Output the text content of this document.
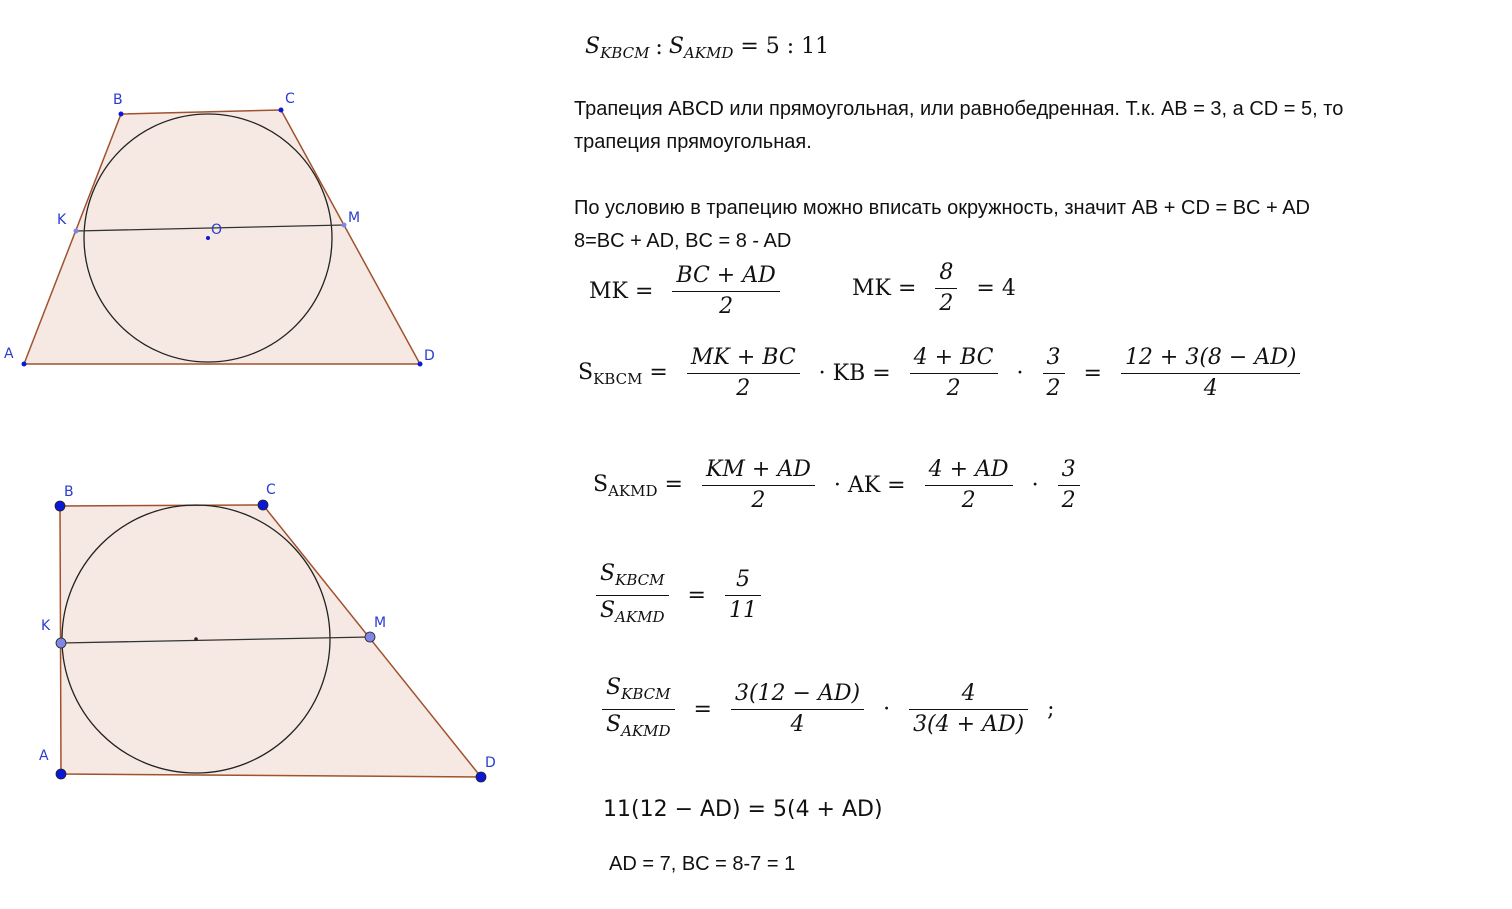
B	C
K
O
M
A	D
B	C
K	M
A	D
$S_{KBCM}$ : $S_{AKMD} = 5$ : 11
Трапеция ABCD или прямоугольная, или равнобедренная. Т.к. AB = 3, а CD = 5, то
трапеция прямоугольная.
По условию в трапецию можно вписать окружность, значит AB + CD = BC + AD
8=BC + AD, BC = 8 - AD
MK = $\frac{BC + AD}{2}$	MK = $\frac{8}{2} = 4$
$S_{KBCM} = \frac{MK + BC}{2}$ · KB = $\frac{4 + BC}{2} \cdot \frac{3}{2} = \frac{12 + 3(8 - AD)}{4}$
$S_{AKMD} = \frac{KM + AD}{2}$ · AK = $\frac{4 + AD}{2} \cdot \frac{3}{2}$
$\frac{S_{KBCM}}{S_{AKMD}} = \frac{5}{11}$
$\frac{S_{KBCM}}{S_{AKMD}} = \frac{3(12 - AD)}{4} \cdot \frac{4}{3(4 + AD)}$ ;
11(12 − AD) = 5(4 + AD)
AD = 7, BC = 8-7 = 1
